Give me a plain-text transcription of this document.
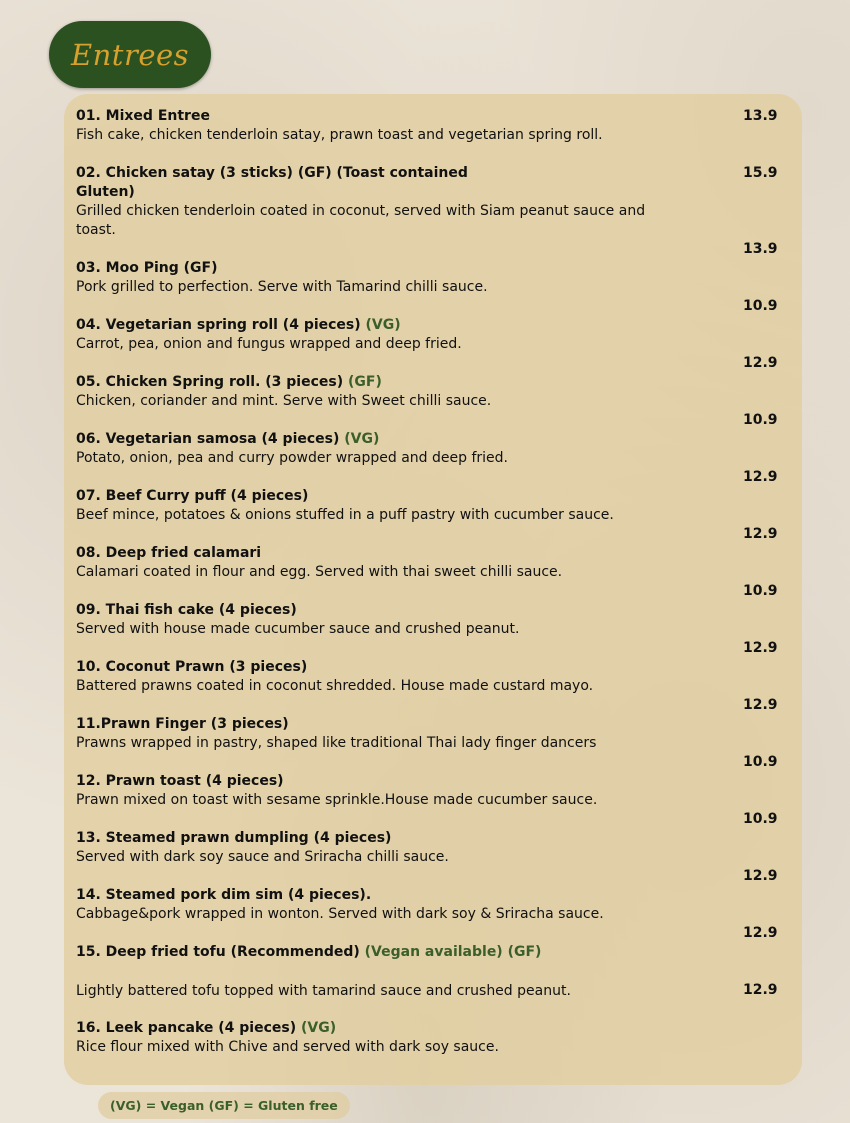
Entrees
01. Mixed Entree
Fish cake, chicken tenderloin satay, prawn toast and vegetarian spring roll.
02. Chicken satay (3 sticks) (GF) (Toast contained Gluten)
Grilled chicken tenderloin coated in coconut, served with Siam peanut sauce and toast.
03. Moo Ping (GF)
Pork grilled to perfection. Serve with Tamarind chilli sauce.
04. Vegetarian spring roll (4 pieces) (VG)
Carrot, pea, onion and fungus wrapped and deep fried.
05. Chicken Spring roll. (3 pieces) (GF)
Chicken, coriander and mint. Serve with Sweet chilli sauce.
06. Vegetarian samosa (4 pieces) (VG)
Potato, onion, pea and curry powder wrapped and deep fried.
07. Beef Curry puff (4 pieces)
Beef mince, potatoes & onions stuffed in a puff pastry with cucumber sauce.
08. Deep fried calamari
Calamari coated in flour and egg. Served with thai sweet chilli sauce.
09. Thai fish cake (4 pieces)
Served with house made cucumber sauce and crushed peanut.
10. Coconut Prawn (3 pieces)
Battered prawns coated in coconut shredded. House made custard mayo.
11.Prawn Finger (3 pieces)
Prawns wrapped in pastry, shaped like traditional Thai lady finger dancers
12. Prawn toast (4 pieces)
Prawn mixed on toast with sesame sprinkle.House made cucumber sauce.
13. Steamed prawn dumpling (4 pieces)
Served with dark soy sauce and Sriracha chilli sauce.
14. Steamed pork dim sim (4 pieces).
Cabbage&pork wrapped in wonton. Served with dark soy & Sriracha sauce.
15. Deep fried tofu (Recommended) (Vegan available) (GF)
Lightly battered tofu topped with tamarind sauce and crushed peanut.
16. Leek pancake (4 pieces) (VG)
Rice flour mixed with Chive and served with dark soy sauce.
13.9
15.9
13.9
10.9
12.9
10.9
12.9
12.9
10.9
12.9
12.9
10.9
10.9
12.9
12.9
12.9
(VG) = Vegan (GF) = Gluten free
